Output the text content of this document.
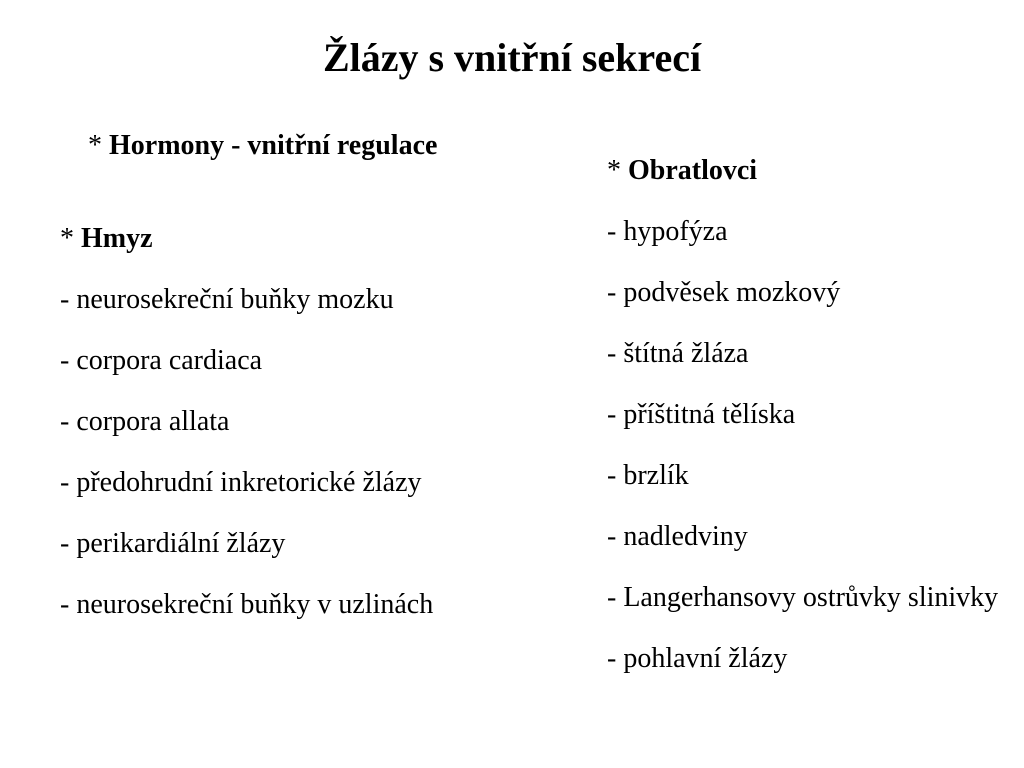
Žlázy s vnitřní sekrecí
* Hormony - vnitřní regulace
* Hmyz
- neurosekreční buňky mozku
- corpora cardiaca
- corpora allata
- předohrudní inkretorické žlázy
- perikardiální žlázy
- neurosekreční buňky v uzlinách
* Obratlovci
- hypofýza
- podvěsek mozkový
- štítná žláza
- příštitná tělíska
- brzlík
- nadledviny
- Langerhansovy ostrůvky slinivky
- pohlavní žlázy
